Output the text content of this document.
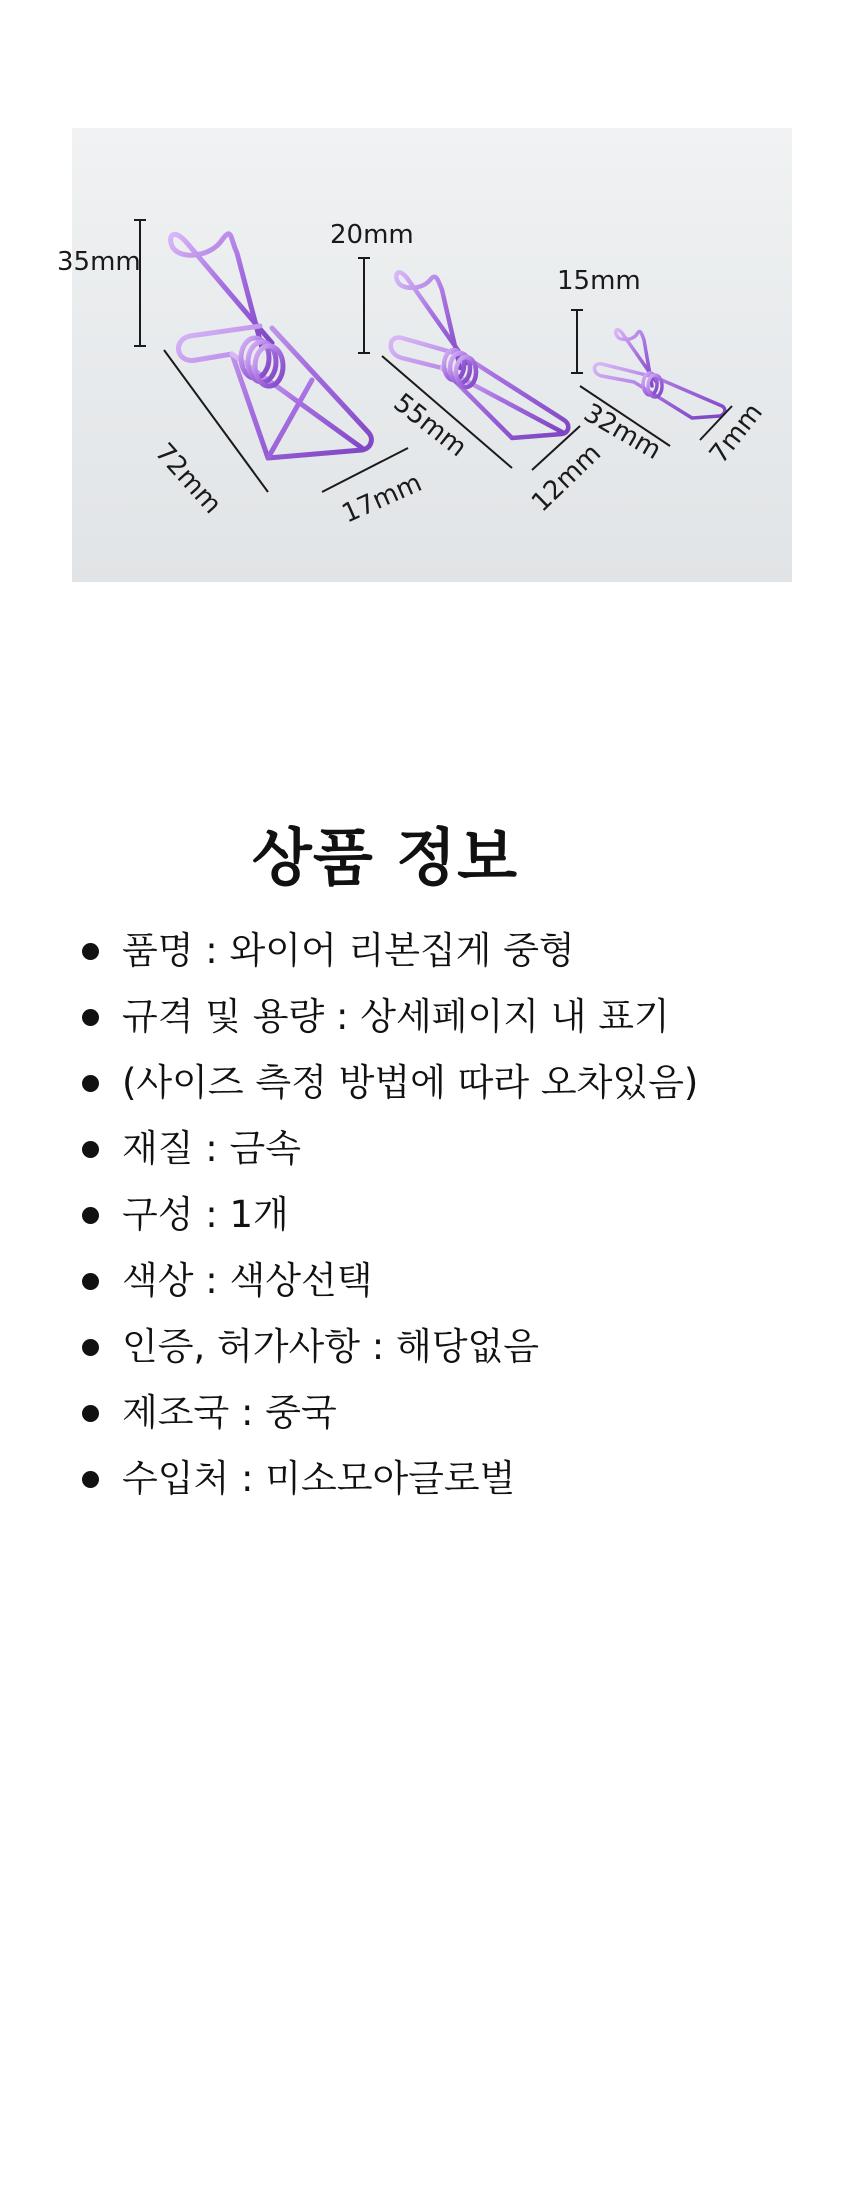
35mm
72mm	17mm
20mm
55mm
12mm
15mm
32mm 7mm
상품 정보
품명 : 와이어 리본집게 중형
규격 및 용량 : 상세페이지 내 표기
(사이즈 측정 방법에 따라 오차있음)
재질 : 금속
구성 : 1개
색상 : 색상선택
인증, 허가사항 : 해당없음
제조국 : 중국
수입처 : 미소모아글로벌
